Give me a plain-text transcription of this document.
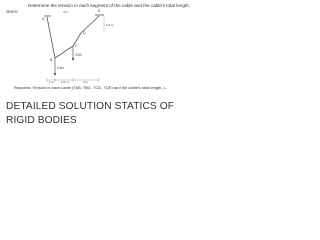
Determine the tension in each segment of the cable and the cable's total length.
Given:
A
B
C
D
E
4 kN
3 kN
4 m
1.6 m
1 m 1.5 m	3 m
Required: Tension in each cable (TAB, TBC, TCD, TDE) and the cable's total length, L.
DETAILED SOLUTION STATICS OF RIGID BODIES
